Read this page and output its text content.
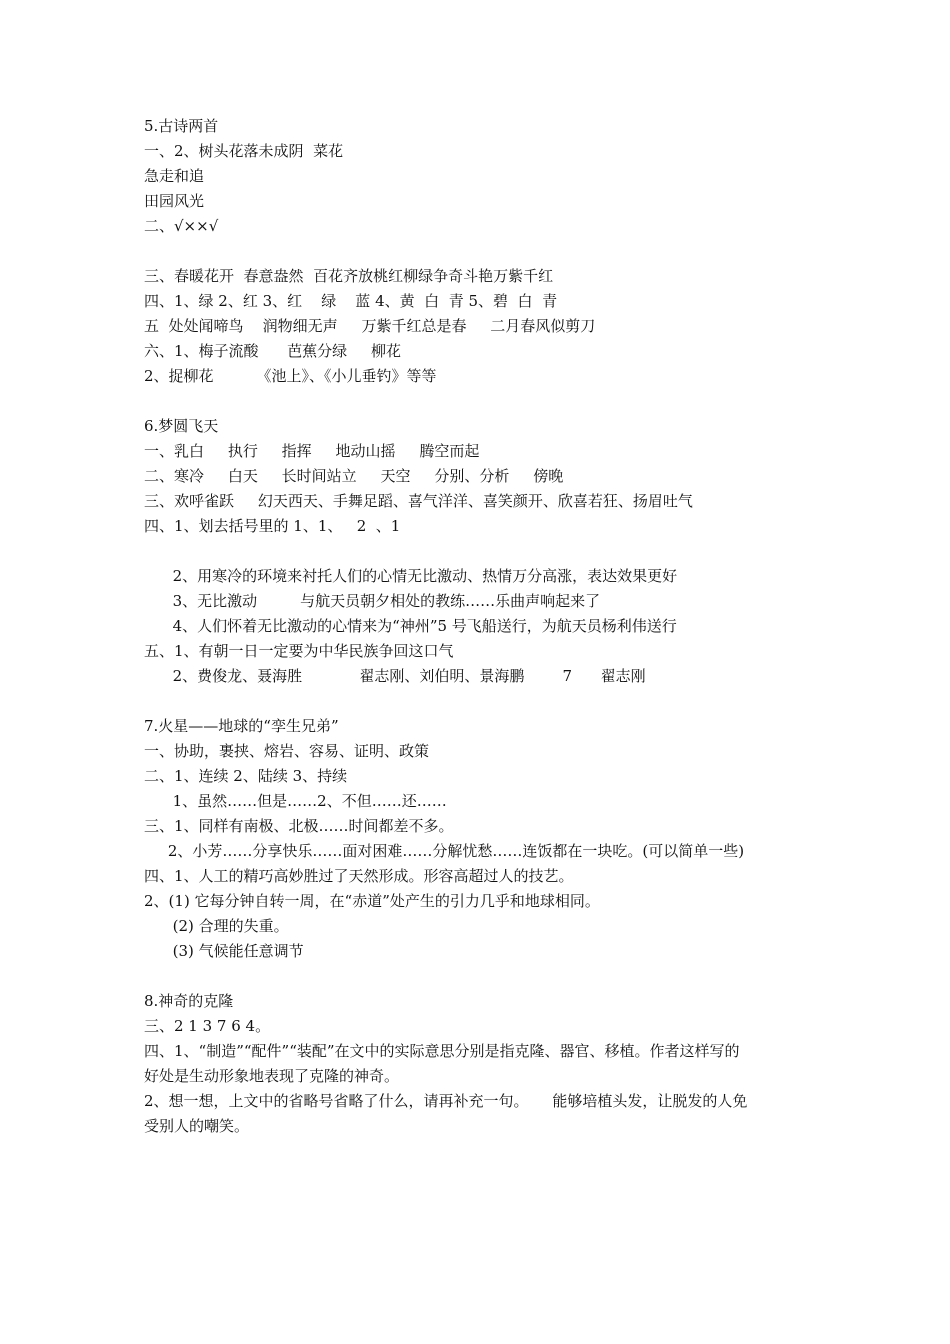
5.古诗两首
一、2、树头花落未成阴  菜花
急走和追
田园风光
二、√××√
三、春暖花开  春意盎然  百花齐放桃红柳绿争奇斗艳万紫千红
四、1、绿 2、红 3、红    绿    蓝 4、黄  白  青 5、碧  白  青
五  处处闻啼鸟    润物细无声     万紫千红总是春     二月春风似剪刀
六、1、梅子流酸      芭蕉分绿     柳花
2、捉柳花         《池上》、《小儿垂钓》等等
6.梦圆飞天
一、乳白     执行     指挥     地动山摇     腾空而起
二、寒冷     白天     长时间站立     天空     分别、分析     傍晚
三、欢呼雀跃     幻天西天、手舞足蹈、喜气洋洋、喜笑颜开、欣喜若狂、扬眉吐气
四、1、划去括号里的 1、1、   2  、1
2、用寒冷的环境来衬托人们的心情无比激动、热情万分高涨，表达效果更好
3、无比激动         与航天员朝夕相处的教练……乐曲声响起来了
4、人们怀着无比激动的心情来为“神州”5 号飞船送行，为航天员杨利伟送行
五、1、有朝一日一定要为中华民族争回这口气
2、费俊龙、聂海胜            翟志刚、刘伯明、景海鹏        7      翟志刚
7.火星——地球的“孪生兄弟”
一、协助，裹挟、熔岩、容易、证明、政策
二、1、连续 2、陆续 3、持续
1、虽然……但是……2、不但……还……
三、1、同样有南极、北极……时间都差不多。
2、小芳……分享快乐……面对困难……分解忧愁……连饭都在一块吃。(可以简单一些)
四、1、人工的精巧高妙胜过了天然形成。形容高超过人的技艺。
2、(1) 它每分钟自转一周，在“赤道”处产生的引力几乎和地球相同。
(2) 合理的失重。
(3) 气候能任意调节
8.神奇的克隆
三、2 1 3 7 6 4。
四、1、“制造”“配件”“装配”在文中的实际意思分别是指克隆、器官、移植。作者这样写的
好处是生动形象地表现了克隆的神奇。
2、想一想，上文中的省略号省略了什么，请再补充一句。     能够培植头发，让脱发的人免
受别人的嘲笑。
